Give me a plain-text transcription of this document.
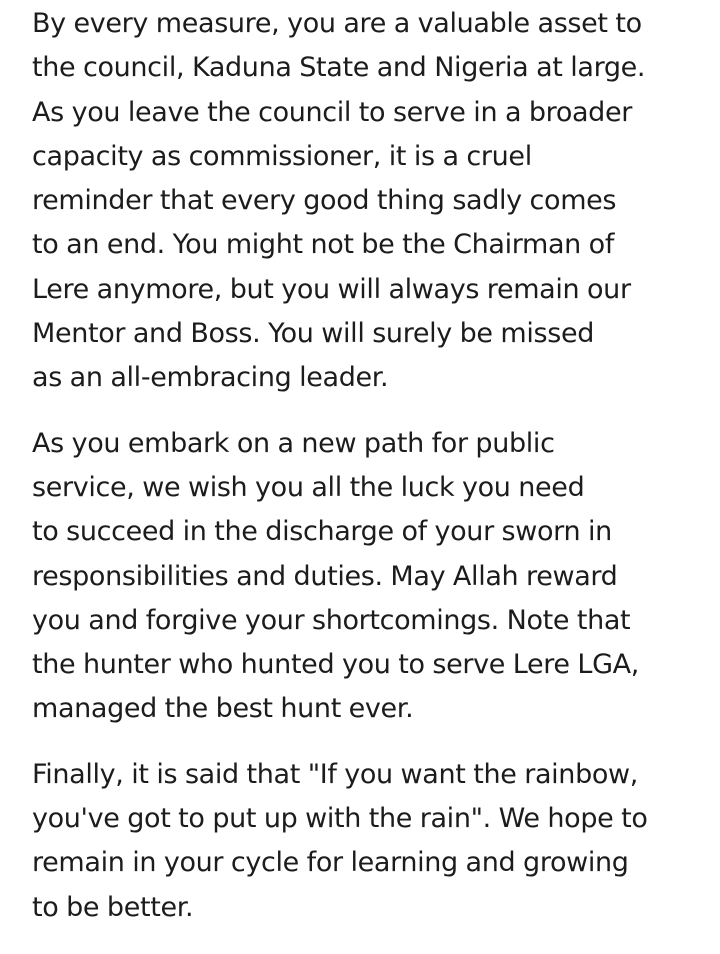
By every measure, you are a valuable asset to
the council, Kaduna State and Nigeria at large.
As you leave the council to serve in a broader
capacity as commissioner, it is a cruel
reminder that every good thing sadly comes
to an end. You might not be the Chairman of
Lere anymore, but you will always remain our
Mentor and Boss. You will surely be missed
as an all-embracing leader.

As you embark on a new path for public
service, we wish you all the luck you need
to succeed in the discharge of your sworn in
responsibilities and duties. May Allah reward
you and forgive your shortcomings. Note that
the hunter who hunted you to serve Lere LGA,
managed the best hunt ever.

Finally, it is said that "If you want the rainbow,
you've got to put up with the rain". We hope to
remain in your cycle for learning and growing
to be better.
